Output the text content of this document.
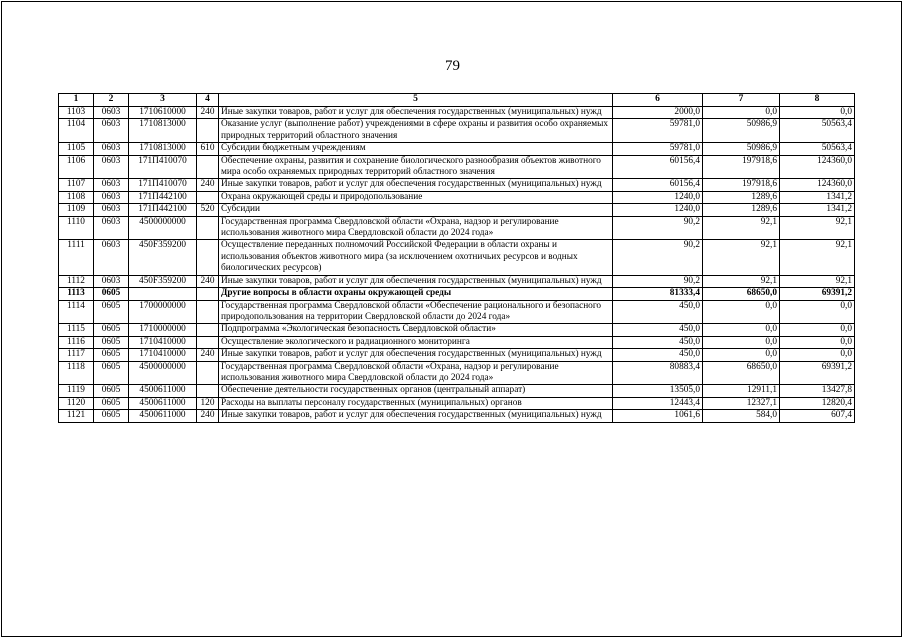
79
1	2	3	4	5	6	7	8
1103	0603	1710610000	240	Иные закупки товаров, работ и услуг для обеспечения государственных (муниципальных) нужд	2000,0	0,0	0,0
1104	0603	1710813000		Оказание услуг (выполнение работ) учреждениями в сфере охраны и развития особо охраняемых природных территорий областного значения	59781,0	50986,9	50563,4
1105	0603	1710813000	610	Субсидии бюджетным учреждениям	59781,0	50986,9	50563,4
1106	0603	171П410070		Обеспечение охраны, развития и сохранение биологического разнообразия объектов животного мира особо охраняемых природных территорий областного значения	60156,4	197918,6	124360,0
1107	0603	171П410070	240	Иные закупки товаров, работ и услуг для обеспечения государственных (муниципальных) нужд	60156,4	197918,6	124360,0
1108	0603	171П442100		Охрана окружающей среды и природопользование	1240,0	1289,6	1341,2
1109	0603	171П442100	520	Субсидии	1240,0	1289,6	1341,2
1110	0603	4500000000		Государственная программа Свердловской области «Охрана, надзор и регулирование использования животного мира Свердловской области до 2024 года»	90,2	92,1	92,1
1111	0603	450F359200		Осуществление переданных полномочий Российской Федерации в области охраны и использования объектов животного мира (за исключением охотничьих ресурсов и водных биологических ресурсов)	90,2	92,1	92,1
1112	0603	450F359200	240	Иные закупки товаров, работ и услуг для обеспечения государственных (муниципальных) нужд	90,2	92,1	92,1
1113	0605			Другие вопросы в области охраны окружающей среды	81333,4	68650,0	69391,2
1114	0605	1700000000		Государственная программа Свердловской области «Обеспечение рационального и безопасного природопользования на территории Свердловской области до 2024 года»	450,0	0,0	0,0
1115	0605	1710000000		Подпрограмма «Экологическая безопасность Свердловской области»	450,0	0,0	0,0
1116	0605	1710410000		Осуществление экологического и радиационного мониторинга	450,0	0,0	0,0
1117	0605	1710410000	240	Иные закупки товаров, работ и услуг для обеспечения государственных (муниципальных) нужд	450,0	0,0	0,0
1118	0605	4500000000		Государственная программа Свердловской области «Охрана, надзор и регулирование использования животного мира Свердловской области до 2024 года»	80883,4	68650,0	69391,2
1119	0605	4500611000		Обеспечение деятельности государственных органов (центральный аппарат)	13505,0	12911,1	13427,8
1120	0605	4500611000	120	Расходы на выплаты персоналу государственных (муниципальных) органов	12443,4	12327,1	12820,4
1121	0605	4500611000	240	Иные закупки товаров, работ и услуг для обеспечения государственных (муниципальных) нужд	1061,6	584,0	607,4
